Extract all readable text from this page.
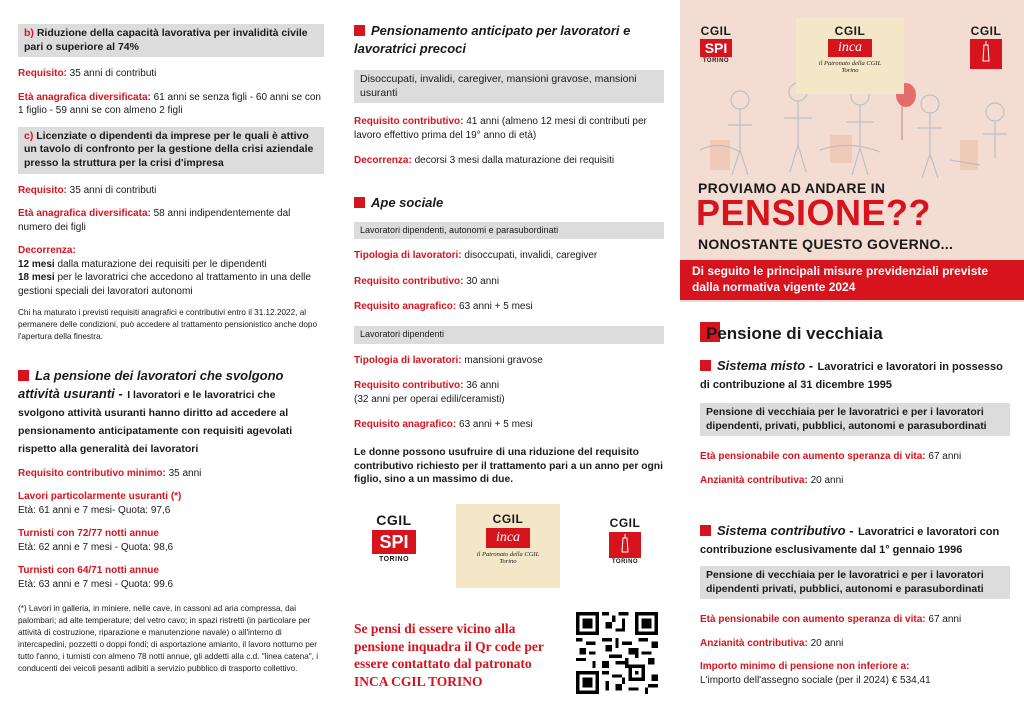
b) Riduzione della capacità lavorativa per invalidità civile pari o superiore al 74%
Requisito: 35 anni di contributi
Età anagrafica diversificata: 61 anni se senza figli - 60 anni se con 1 figlio - 59 anni se con almeno 2 figli
c) Licenziate o dipendenti da imprese per le quali è attivo un tavolo di confronto per la gestione della crisi aziendale presso la struttura per la crisi d'impresa
Requisito: 35 anni di contributi
Età anagrafica diversificata: 58 anni indipendentemente dal numero dei figli
Decorrenza:
12 mesi dalla maturazione dei requisiti per le dipendenti
18 mesi per le lavoratrici che accedono al trattamento in una delle gestioni speciali dei lavoratori autonomi
Chi ha maturato i previsti requisiti anagrafici e contributivi entro il 31.12.2022, al permanere delle condizioni, può accedere al trattamento pensionistico anche dopo l'apertura della finestra.
La pensione dei lavoratori che svolgono attività usuranti - I lavoratori e le lavoratrici che svolgono attività usuranti hanno diritto ad accedere al pensionamento anticipatamente con requisiti agevolati rispetto alla generalità dei lavoratori
Requisito contributivo minimo: 35 anni
Lavori particolarmente usuranti (*)
Età: 61 anni e 7 mesi- Quota: 97,6
Turnisti con 72/77 notti annue
Età: 62 anni e 7 mesi - Quota: 98,6
Turnisti con 64/71 notti annue
Età: 63 anni e 7 mesi - Quota: 99.6
(*) Lavori in galleria, in miniere, nelle cave, in cassoni ad aria compressa, dai palombari; ad alte temperature; del vetro cavo; in spazi ristretti (in particolare per attività di costruzione, riparazione e manutenzione navale) o all'interno di intercapedini, pozzetti o doppi fondi; di asportazione amianto, il lavoro notturno per tutto l'anno, i turnisti con almeno 78 notti annue, gli addetti alla c.d. "linea catena", i conducenti dei veicoli pesanti adibiti a servizio pubblico di trasporto collettivo.
Pensionamento anticipato per lavoratori e lavoratrici precoci
Disoccupati, invalidi, caregiver, mansioni gravose, mansioni usuranti
Requisito contributivo: 41 anni (almeno 12 mesi di contributi per lavoro effettivo prima del 19° anno di età)
Decorrenza: decorsi 3 mesi dalla maturazione dei requisiti
Ape sociale
Lavoratori dipendenti, autonomi e parasubordinati
Tipologia di lavoratori: disoccupati, invalidi, caregiver
Requisito contributivo: 30 anni
Requisito anagrafico: 63 anni + 5 mesi
Lavoratori dipendenti
Tipologia di lavoratori: mansioni gravose
Requisito contributivo: 36 anni
(32 anni per operai edili/ceramisti)
Requisito anagrafico: 63 anni + 5 mesi
Le donne possono usufruire di una riduzione del requisito contributivo richiesto per il trattamento pari a un anno per ogni figlio, sino a un massimo di due.
CGIL
SPI
TORINO
CGIL
inca
il Patronato della CGIL
Torino
CGIL
TORINO
Se pensi di essere vicino alla pensione inquadra il Qr code per essere contattato dal patronato INCA CGIL TORINO
CGIL
SPI
TORINO
CGIL
inca
il Patronato della CGIL
Torino
CGIL
PROVIAMO AD ANDARE IN
PENSIONE??
NONOSTANTE QUESTO GOVERNO...
Di seguito le principali misure previdenziali previste dalla normativa vigente 2024
Pensione di vecchiaia
Sistema misto - Lavoratrici e lavoratori in possesso di contribuzione al 31 dicembre 1995
Pensione di vecchiaia per le lavoratrici e per i lavoratori dipendenti, privati, pubblici, autonomi e parasubordinati
Età pensionabile con aumento speranza di vita: 67 anni
Anzianità contributiva: 20 anni
Sistema contributivo - Lavoratrici e lavoratori con contribuzione esclusivamente dal 1° gennaio 1996
Pensione di vecchiaia per le lavoratrici e per i lavoratori dipendenti privati, pubblici, autonomi e parasubordinati
Età pensionabile con aumento speranza di vita: 67 anni
Anzianità contributiva: 20 anni
Importo minimo di pensione non inferiore a:
L'importo dell'assegno sociale (per il 2024) € 534,41
